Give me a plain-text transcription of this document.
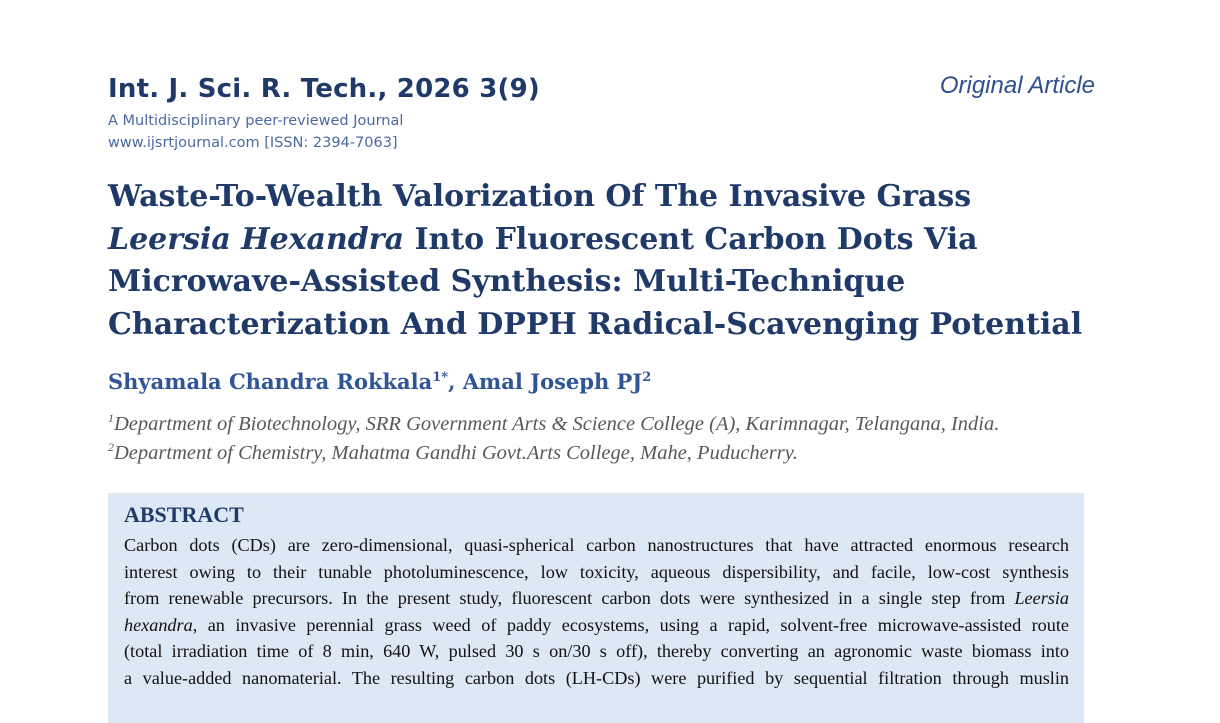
Int. J. Sci. R. Tech., 2026 3(9)
A Multidisciplinary peer-reviewed Journal
www.ijsrtjournal.com [ISSN: 2394-7063]
Original Article
Waste-To-Wealth Valorization Of The Invasive Grass
Leersia Hexandra Into Fluorescent Carbon Dots Via
Microwave-Assisted Synthesis: Multi-Technique
Characterization And DPPH Radical-Scavenging Potential
Shyamala Chandra Rokkala$^{1*}$, Amal Joseph $PJ^2$
$^1$Department of Biotechnology, SRR Government Arts & Science College (A), Karimnagar, Telangana, India.
$^2$Department of Chemistry, Mahatma Gandhi Govt.Arts College, Mahe, Puducherry.
ABSTRACT
Carbon dots (CDs) are zero-dimensional, quasi-spherical carbon nanostructures that have attracted enormous research
interest owing to their tunable photoluminescence, low toxicity, aqueous dispersibility, and facile, low-cost synthesis
from renewable precursors. In the present study, fluorescent carbon dots were synthesized in a single step from Leersia
hexandra, an invasive perennial grass weed of paddy ecosystems, using a rapid, solvent-free microwave-assisted route
(total irradiation time of 8 min, 640 W, pulsed 30 s on/30 s off), thereby converting an agronomic waste biomass into
a value-added nanomaterial. The resulting carbon dots (LH-CDs) were purified by sequential filtration through muslin
